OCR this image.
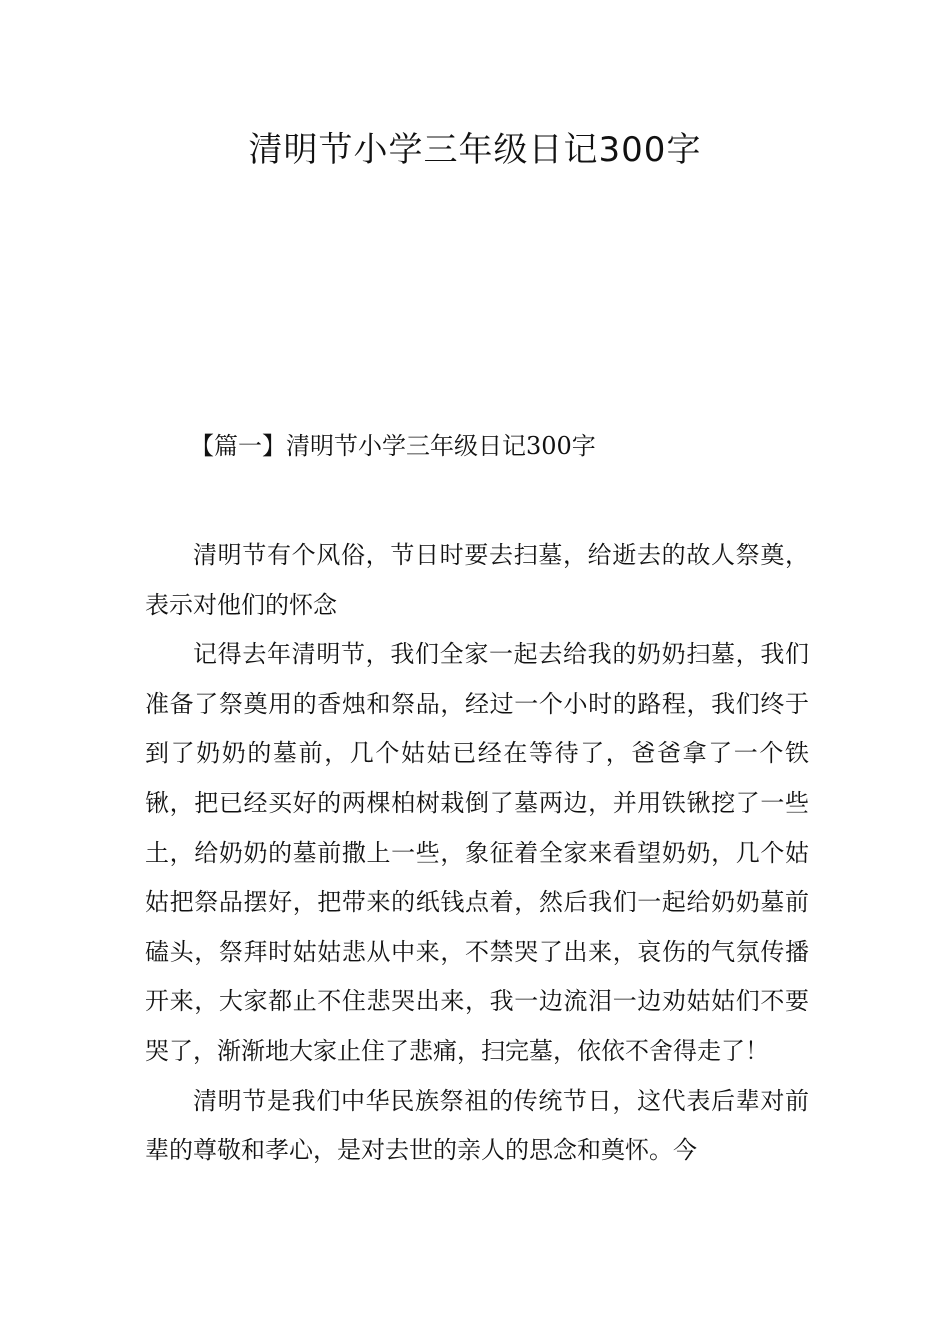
清明节小学三年级日记300字
【篇一】清明节小学三年级日记300字

清明节有个风俗，节日时要去扫墓，给逝去的故人祭奠，表示对他们的怀念

记得去年清明节，我们全家一起去给我的奶奶扫墓，我们准备了祭奠用的香烛和祭品，经过一个小时的路程，我们终于到了奶奶的墓前，几个姑姑已经在等待了，爸爸拿了一个铁锹，把已经买好的两棵柏树栽倒了墓两边，并用铁锹挖了一些土，给奶奶的墓前撒上一些，象征着全家来看望奶奶，几个姑姑把祭品摆好，把带来的纸钱点着，然后我们一起给奶奶墓前磕头，祭拜时姑姑悲从中来，不禁哭了出来，哀伤的气氛传播开来，大家都止不住悲哭出来，我一边流泪一边劝姑姑们不要哭了，渐渐地大家止住了悲痛，扫完墓，依依不舍得走了！

清明节是我们中华民族祭祖的传统节日，这代表后辈对前辈的尊敬和孝心，是对去世的亲人的思念和奠怀。今
